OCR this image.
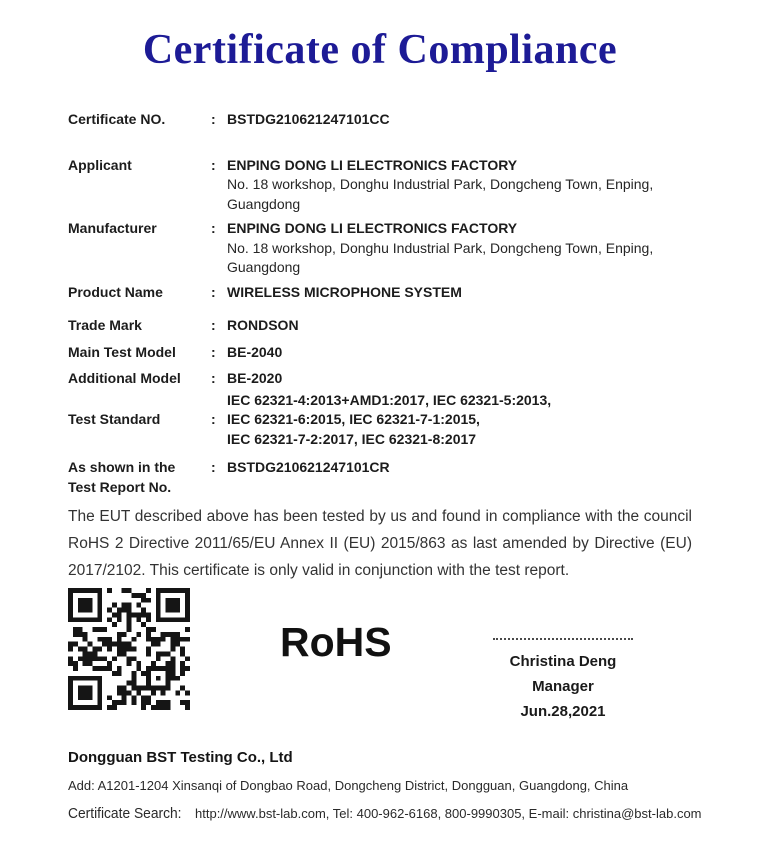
Certificate of Compliance
Certificate NO.	: BSTDG210621247101CC
Applicant	: ENPING DONG LI ELECTRONICS FACTORY
No. 18 workshop, Donghu Industrial Park, Dongcheng Town, Enping,
Guangdong
Manufacturer	: ENPING DONG LI ELECTRONICS FACTORY
No. 18 workshop, Donghu Industrial Park, Dongcheng Town, Enping,
Guangdong
Product Name	: WIRELESS MICROPHONE SYSTEM
Trade Mark	: RONDSON
Main Test Model	: BE-2040
Additional Model	: BE-2020
Test Standard	:
IEC 62321-4:2013+AMD1:2017, IEC 62321-5:2013,
IEC 62321-6:2015, IEC 62321-7-1:2015,
IEC 62321-7-2:2017, IEC 62321-8:2017
As shown in the
Test Report No.
: BSTDG210621247101CR

The EUT described above has been tested by us and found in compliance with the council RoHS 2 Directive 2011/65/EU Annex II (EU) 2015/863 as last amended by Directive (EU) 2017/2102. This certificate is only valid in conjunction with the test report.

RoHS	Christina Deng
Manager
Jun.28,2021
Dongguan BST Testing Co., Ltd
Add: A1201-1204 Xinsanqi of Dongbao Road, Dongcheng District, Dongguan, Guangdong, China
Certificate Search: http://www.bst-lab.com, Tel: 400-962-6168, 800-9990305, E-mail: christina@bst-lab.com
